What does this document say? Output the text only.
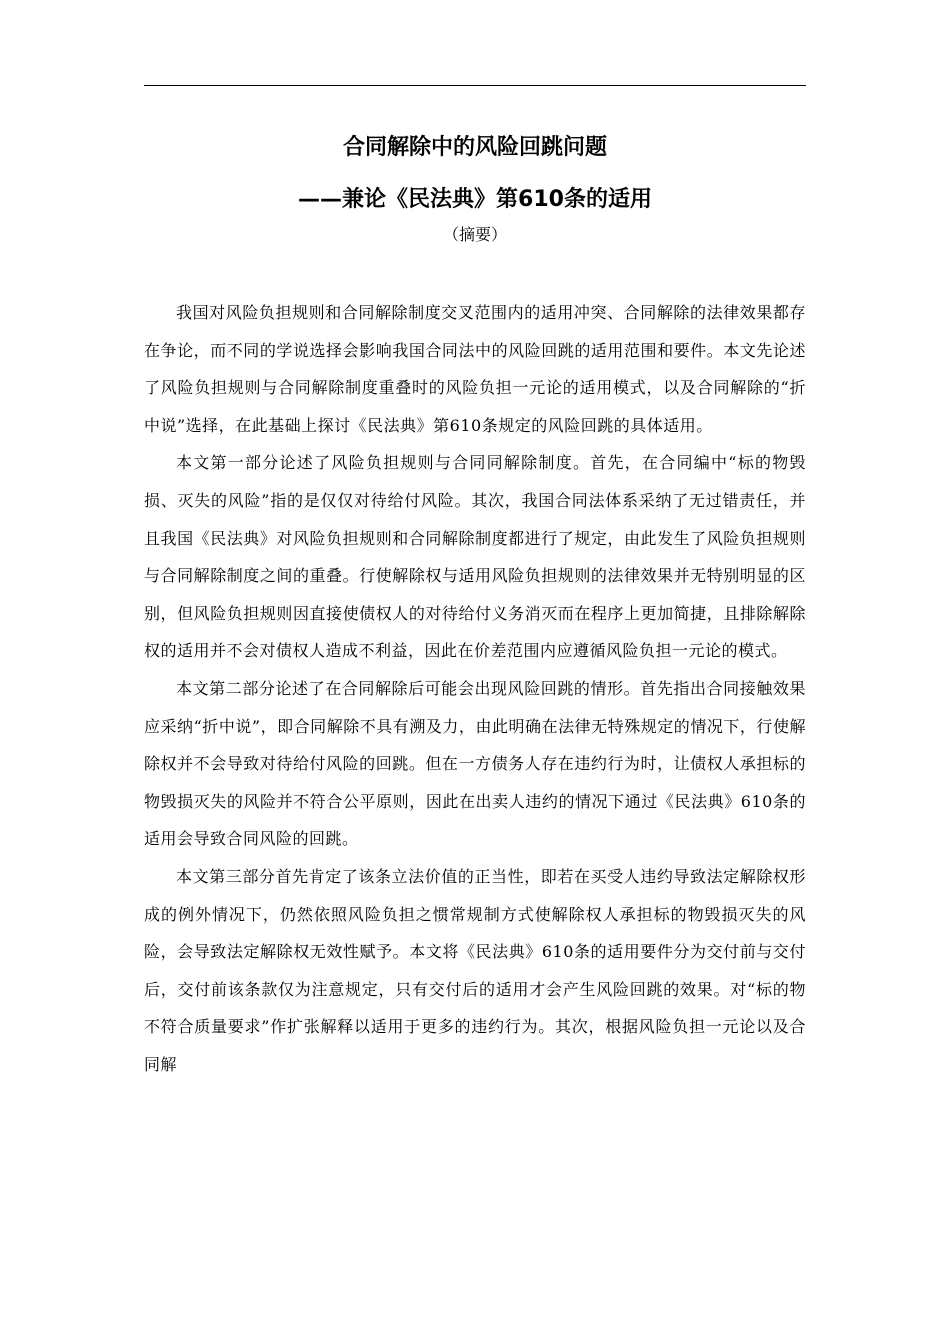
合同解除中的风险回跳问题
——兼论《民法典》第610条的适用
（摘要）

我国对风险负担规则和合同解除制度交叉范围内的适用冲突、合同解除的法律效果都存在争论，而不同的学说选择会影响我国合同法中的风险回跳的适用范围和要件。本文先论述了风险负担规则与合同解除制度重叠时的风险负担一元论的适用模式，以及合同解除的“折中说”选择，在此基础上探讨《民法典》第610条规定的风险回跳的具体适用。

本文第一部分论述了风险负担规则与合同同解除制度。首先，在合同编中“标的物毁损、灭失的风险”指的是仅仅对待给付风险。其次，我国合同法体系采纳了无过错责任，并且我国《民法典》对风险负担规则和合同解除制度都进行了规定，由此发生了风险负担规则与合同解除制度之间的重叠。行使解除权与适用风险负担规则的法律效果并无特别明显的区别，但风险负担规则因直接使债权人的对待给付义务消灭而在程序上更加简捷，且排除解除权的适用并不会对债权人造成不利益，因此在价差范围内应遵循风险负担一元论的模式。

本文第二部分论述了在合同解除后可能会出现风险回跳的情形。首先指出合同接触效果应采纳“折中说”，即合同解除不具有溯及力，由此明确在法律无特殊规定的情况下，行使解除权并不会导致对待给付风险的回跳。但在一方债务人存在违约行为时，让债权人承担标的物毁损灭失的风险并不符合公平原则，因此在出卖人违约的情况下通过《民法典》610条的适用会导致合同风险的回跳。

本文第三部分首先肯定了该条立法价值的正当性，即若在买受人违约导致法定解除权形成的例外情况下，仍然依照风险负担之惯常规制方式使解除权人承担标的物毁损灭失的风险，会导致法定解除权无效性赋予。本文将《民法典》610条的适用要件分为交付前与交付后，交付前该条款仅为注意规定，只有交付后的适用才会产生风险回跳的效果。对“标的物不符合质量要求”作扩张解释以适用于更多的违约行为。其次，根据风险负担一元论以及合同解
